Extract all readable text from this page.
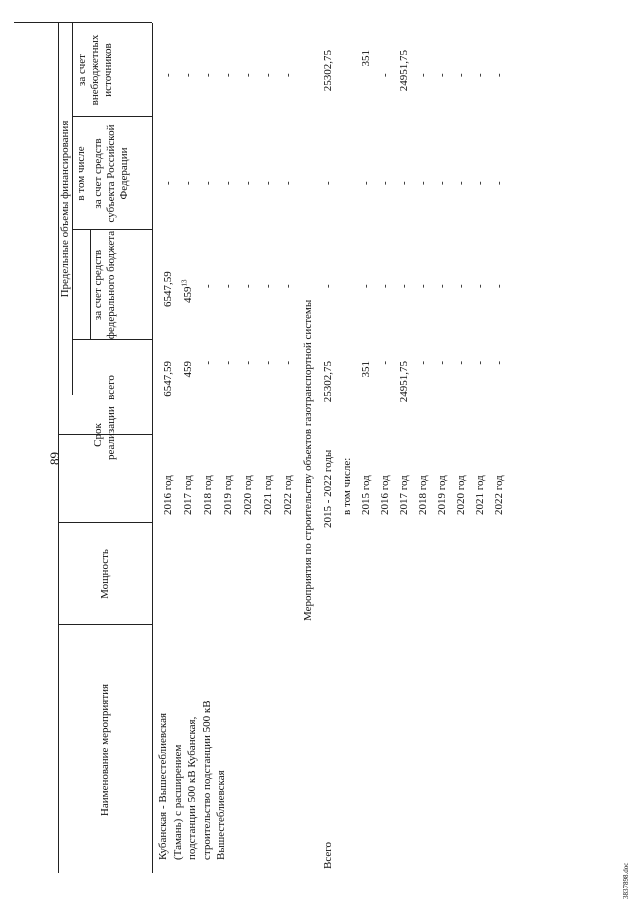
89
3837898.doc
Наименование мероприятия
Мощность
Срок реализации
Предельные объемы финансирования
всего
за счет средств федерального бюджета
в том числе за счет средств субъекта Российской Федерации
за счет внебюджетных источников
Кубанская - Вышестеблиевская (Тамань) с расширением подстанции 500 кВ Кубанская, строительство подстанции 500 кВ Вышестеблиевская
2016 год
6547,59
6547,59
-
-
2017 год
459
$459^{13}$
-
-
2018 год
-
-
-
-
2019 год
-
-
-
-
2020 год
-
-
-
-
2021 год
-
-
-
-
2022 год
-
-
-
-
Мероприятия по строительству объектов газотранспортной системы
Всего
2015 - 2022 годы
25302,75
-
-
25302,75
в том числе: 2015 год
351
-
-
351
2016 год
-
-
-
-
2017 год
24951,75
-
-
24951,75
2018 год
-
-
-
-
2019 год
-
-
-
-
2020 год
-
-
-
-
2021 год
-
-
-
-
2022 год
-
-
-
-
